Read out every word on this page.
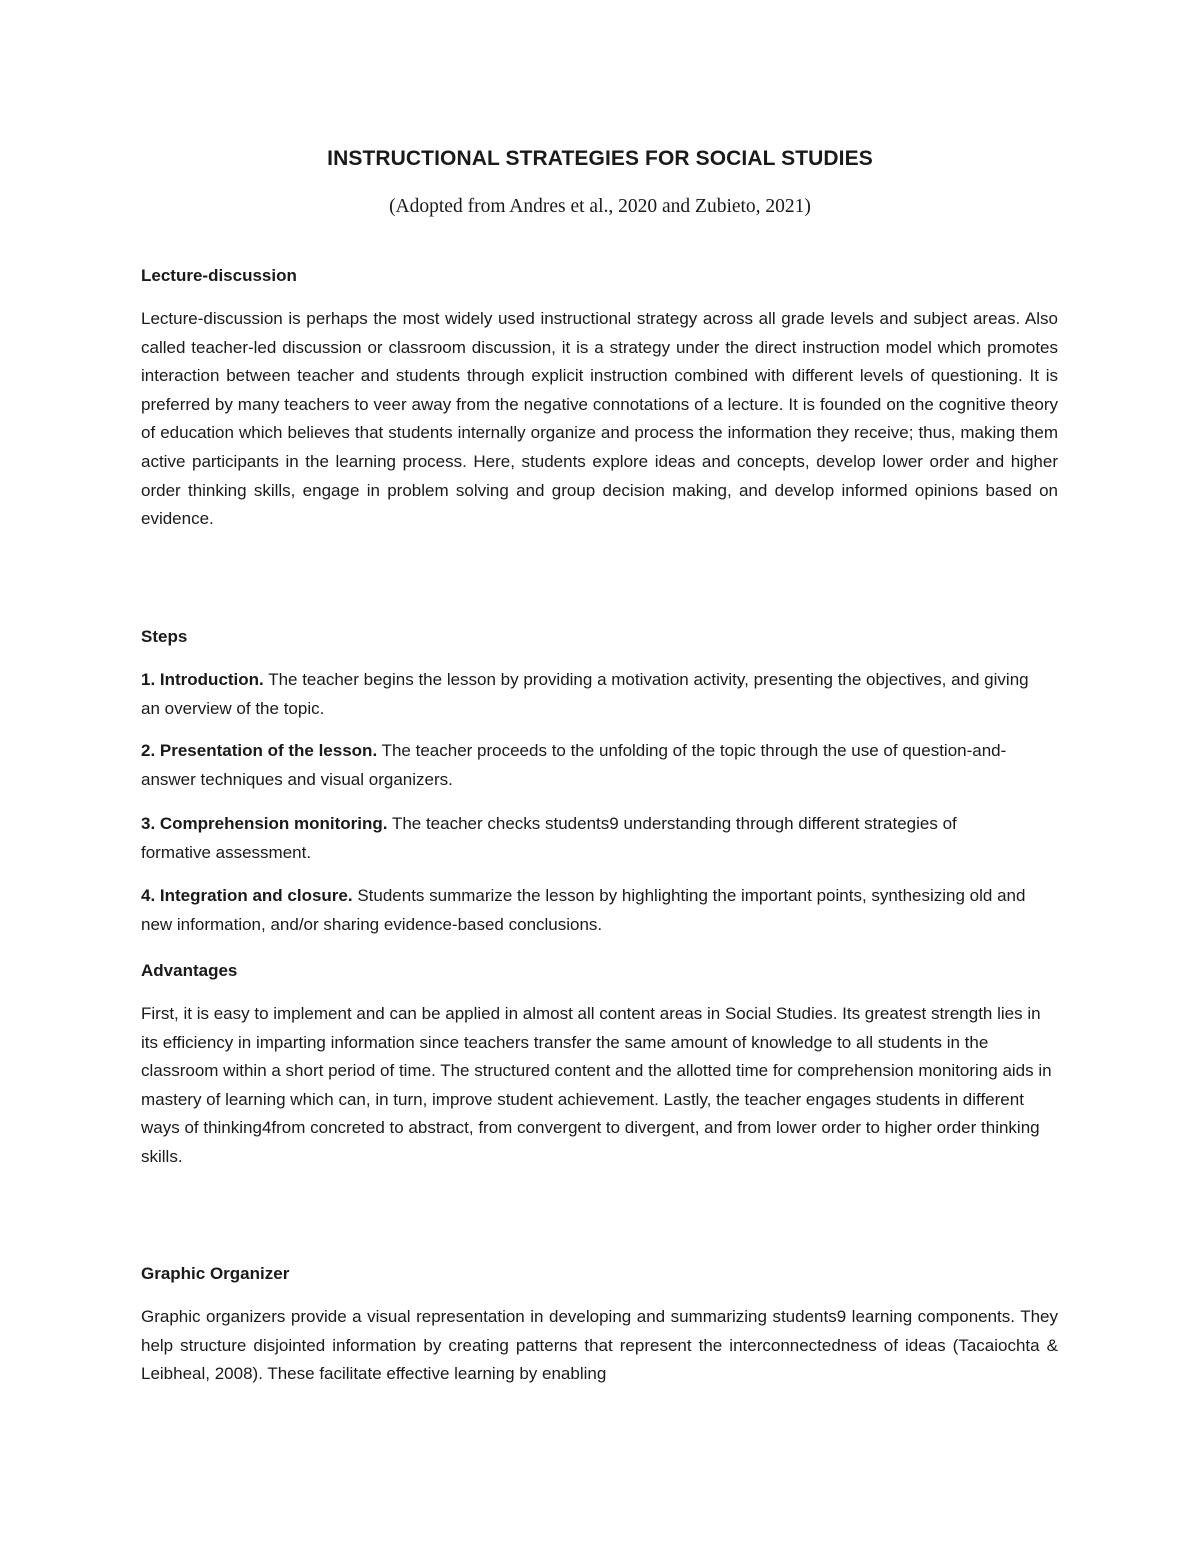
INSTRUCTIONAL STRATEGIES FOR SOCIAL STUDIES
(Adopted from Andres et al., 2020 and Zubieto, 2021)
Lecture-discussion
Lecture-discussion is perhaps the most widely used instructional strategy across all grade levels and subject areas. Also called teacher-led discussion or classroom discussion, it is a strategy under the direct instruction model which promotes interaction between teacher and students through explicit instruction combined with different levels of questioning. It is preferred by many teachers to veer away from the negative connotations of a lecture. It is founded on the cognitive theory of education which believes that students internally organize and process the information they receive; thus, making them active participants in the learning process. Here, students explore ideas and concepts, develop lower order and higher order thinking skills, engage in problem solving and group decision making, and develop informed opinions based on evidence.
Steps
1. Introduction. The teacher begins the lesson by providing a motivation activity, presenting the objectives, and giving an overview of the topic.
2. Presentation of the lesson. The teacher proceeds to the unfolding of the topic through the use of question-and-answer techniques and visual organizers.
3. Comprehension monitoring. The teacher checks students9 understanding through different strategies of formative assessment.
4. Integration and closure. Students summarize the lesson by highlighting the important points, synthesizing old and new information, and/or sharing evidence-based conclusions.
Advantages
First, it is easy to implement and can be applied in almost all content areas in Social Studies. Its greatest strength lies in its efficiency in imparting information since teachers transfer the same amount of knowledge to all students in the classroom within a short period of time. The structured content and the allotted time for comprehension monitoring aids in mastery of learning which can, in turn, improve student achievement. Lastly, the teacher engages students in different ways of thinking4from concreted to abstract, from convergent to divergent, and from lower order to higher order thinking skills.
Graphic Organizer
Graphic organizers provide a visual representation in developing and summarizing students9 learning components. They help structure disjointed information by creating patterns that represent the interconnectedness of ideas (Tacaiochta & Leibheal, 2008). These facilitate effective learning by enabling
